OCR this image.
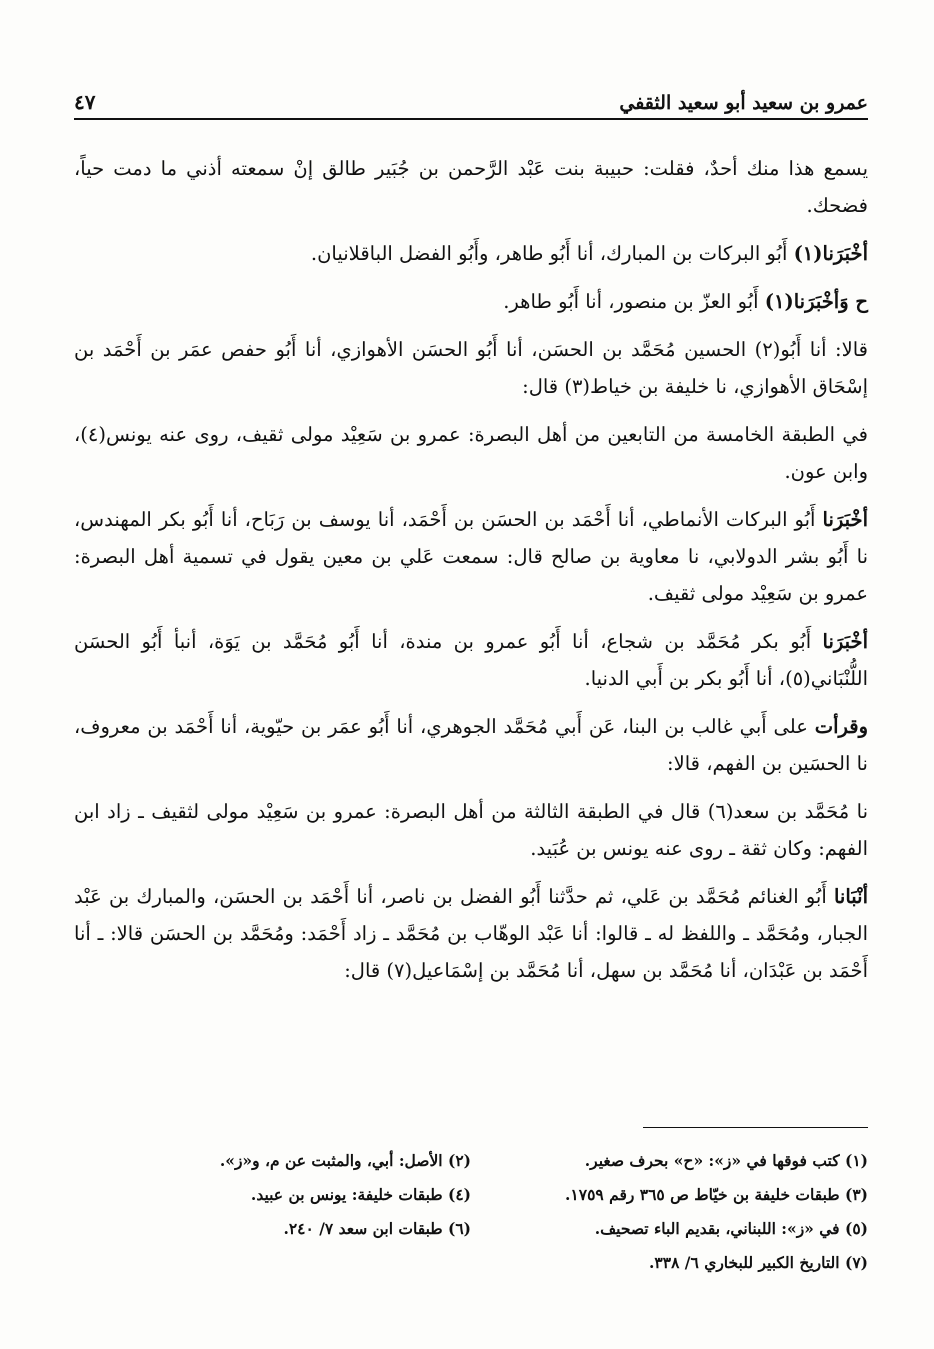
عمرو بن سعيد أبو سعيد الثقفي
٤٧

يسمع هذا منك أحدٌ، فقلت: حبيبة بنت عَبْد الرَّحمن بن جُبَير طالق إنْ سمعته أذني ما دمت حياً، فضحك.

أخْبَرَنا(١) أَبُو البركات بن المبارك، أنا أَبُو طاهر، وأَبُو الفضل الباقلانيان.

ح وَأخْبَرَنا(١) أَبُو العزّ بن منصور، أنا أَبُو طاهر.

قالا: أنا أَبُو(٢) الحسين مُحَمَّد بن الحسَن، أنا أَبُو الحسَن الأهوازي، أنا أَبُو حفص عمَر بن أَحْمَد بن إسْحَاق الأهوازي، نا خليفة بن خياط(٣) قال:

في الطبقة الخامسة من التابعين من أهل البصرة: عمرو بن سَعِيْد مولى ثقيف، روى عنه يونس(٤)، وابن عون.

أخْبَرَنا أَبُو البركات الأنماطي، أنا أَحْمَد بن الحسَن بن أَحْمَد، أنا يوسف بن رَبَاح، أنا أَبُو بكر المهندس، نا أَبُو بشر الدولابي، نا معاوية بن صالح قال: سمعت عَلي بن معين يقول في تسمية أهل البصرة: عمرو بن سَعِيْد مولى ثقيف.

أخْبَرَنا أَبُو بكر مُحَمَّد بن شجاع، أنا أَبُو عمرو بن مندة، أنا أَبُو مُحَمَّد بن يَوَة، أنبأ أَبُو الحسَن اللُّنْبَاني(٥)، أنا أَبُو بكر بن أَبي الدنيا.

وقرأت على أَبي غالب بن البنا، عَن أَبي مُحَمَّد الجوهري، أنا أَبُو عمَر بن حيّوية، أنا أَحْمَد بن معروف، نا الحسَين بن الفهم، قالا:

نا مُحَمَّد بن سعد(٦) قال في الطبقة الثالثة من أهل البصرة: عمرو بن سَعِيْد مولى لثقيف ـ زاد ابن الفهم: وكان ثقة ـ روى عنه يونس بن عُبَيد.

أنْبَانا أَبُو الغنائم مُحَمَّد بن عَلي، ثم حدَّثنا أَبُو الفضل بن ناصر، أنا أَحْمَد بن الحسَن، والمبارك بن عَبْد الجبار، ومُحَمَّد ـ واللفظ له ـ قالوا: أنا عَبْد الوهّاب بن مُحَمَّد ـ زاد أَحْمَد: ومُحَمَّد بن الحسَن قالا: ـ أنا أَحْمَد بن عَبْدَان، أنا مُحَمَّد بن سهل، أنا مُحَمَّد بن إسْمَاعيل(٧) قال:

(١) كتب فوقها في «ز»: «ح» بحرف صغير.
(٢) الأصل: أبي، والمثبت عن م، و«ز».
(٣) طبقات خليفة بن خيّاط ص ٣٦٥ رقم ١٧٥٩.
(٤) طبقات خليفة: يونس بن عبيد.
(٥) في «ز»: اللبناني، بقديم الباء تصحيف.
(٦) طبقات ابن سعد ٧/ ٢٤٠.
(٧) التاريخ الكبير للبخاري ٦/ ٣٣٨.
